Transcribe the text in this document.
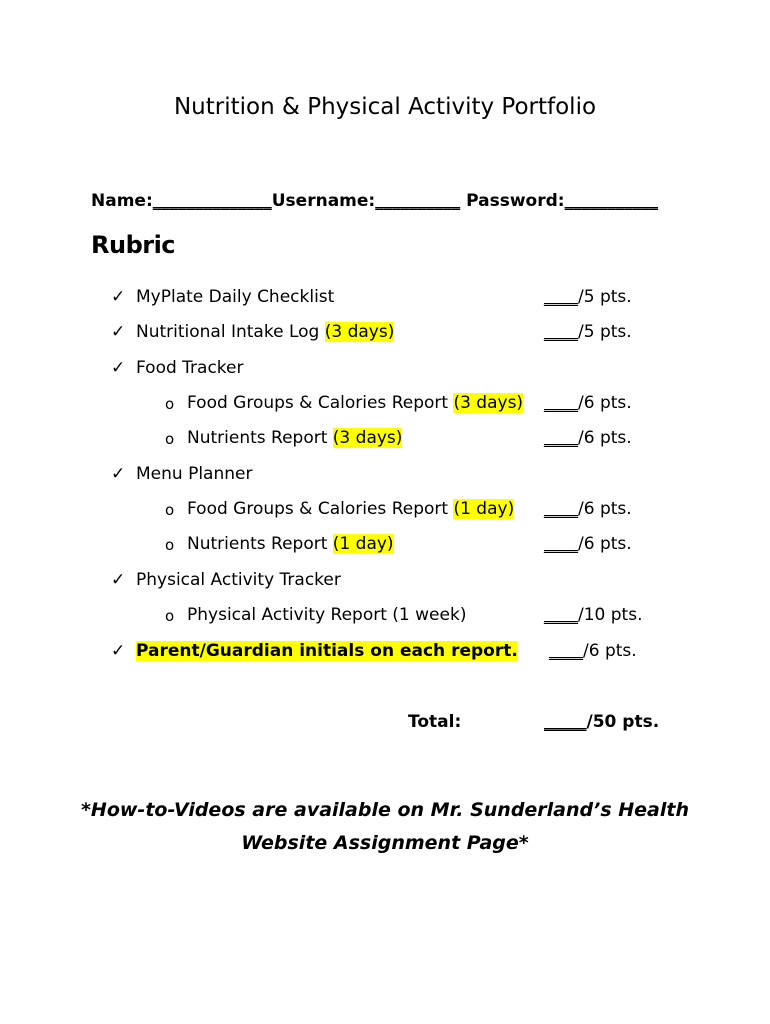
Nutrition & Physical Activity Portfolio
Name:______________Username:__________ Password:___________
Rubric
✓ MyPlate Daily Checklist	____/5 pts.
✓ Nutritional Intake Log (3 days)	____/5 pts.
✓ Food Tracker
o Food Groups & Calories Report (3 days) ____/6 pts.
o Nutrients Report (3 days)	____/6 pts.
✓ Menu Planner
o Food Groups & Calories Report (1 day) ____/6 pts.
o Nutrients Report (1 day)	____/6 pts.
✓ Physical Activity Tracker
o Physical Activity Report (1 week)	____/10 pts.
✓ Parent/Guardian initials on each report. ____/6 pts.
Total:	_____/50 pts.
*How-to-Videos are available on Mr. Sunderland’s Health
Website Assignment Page*
